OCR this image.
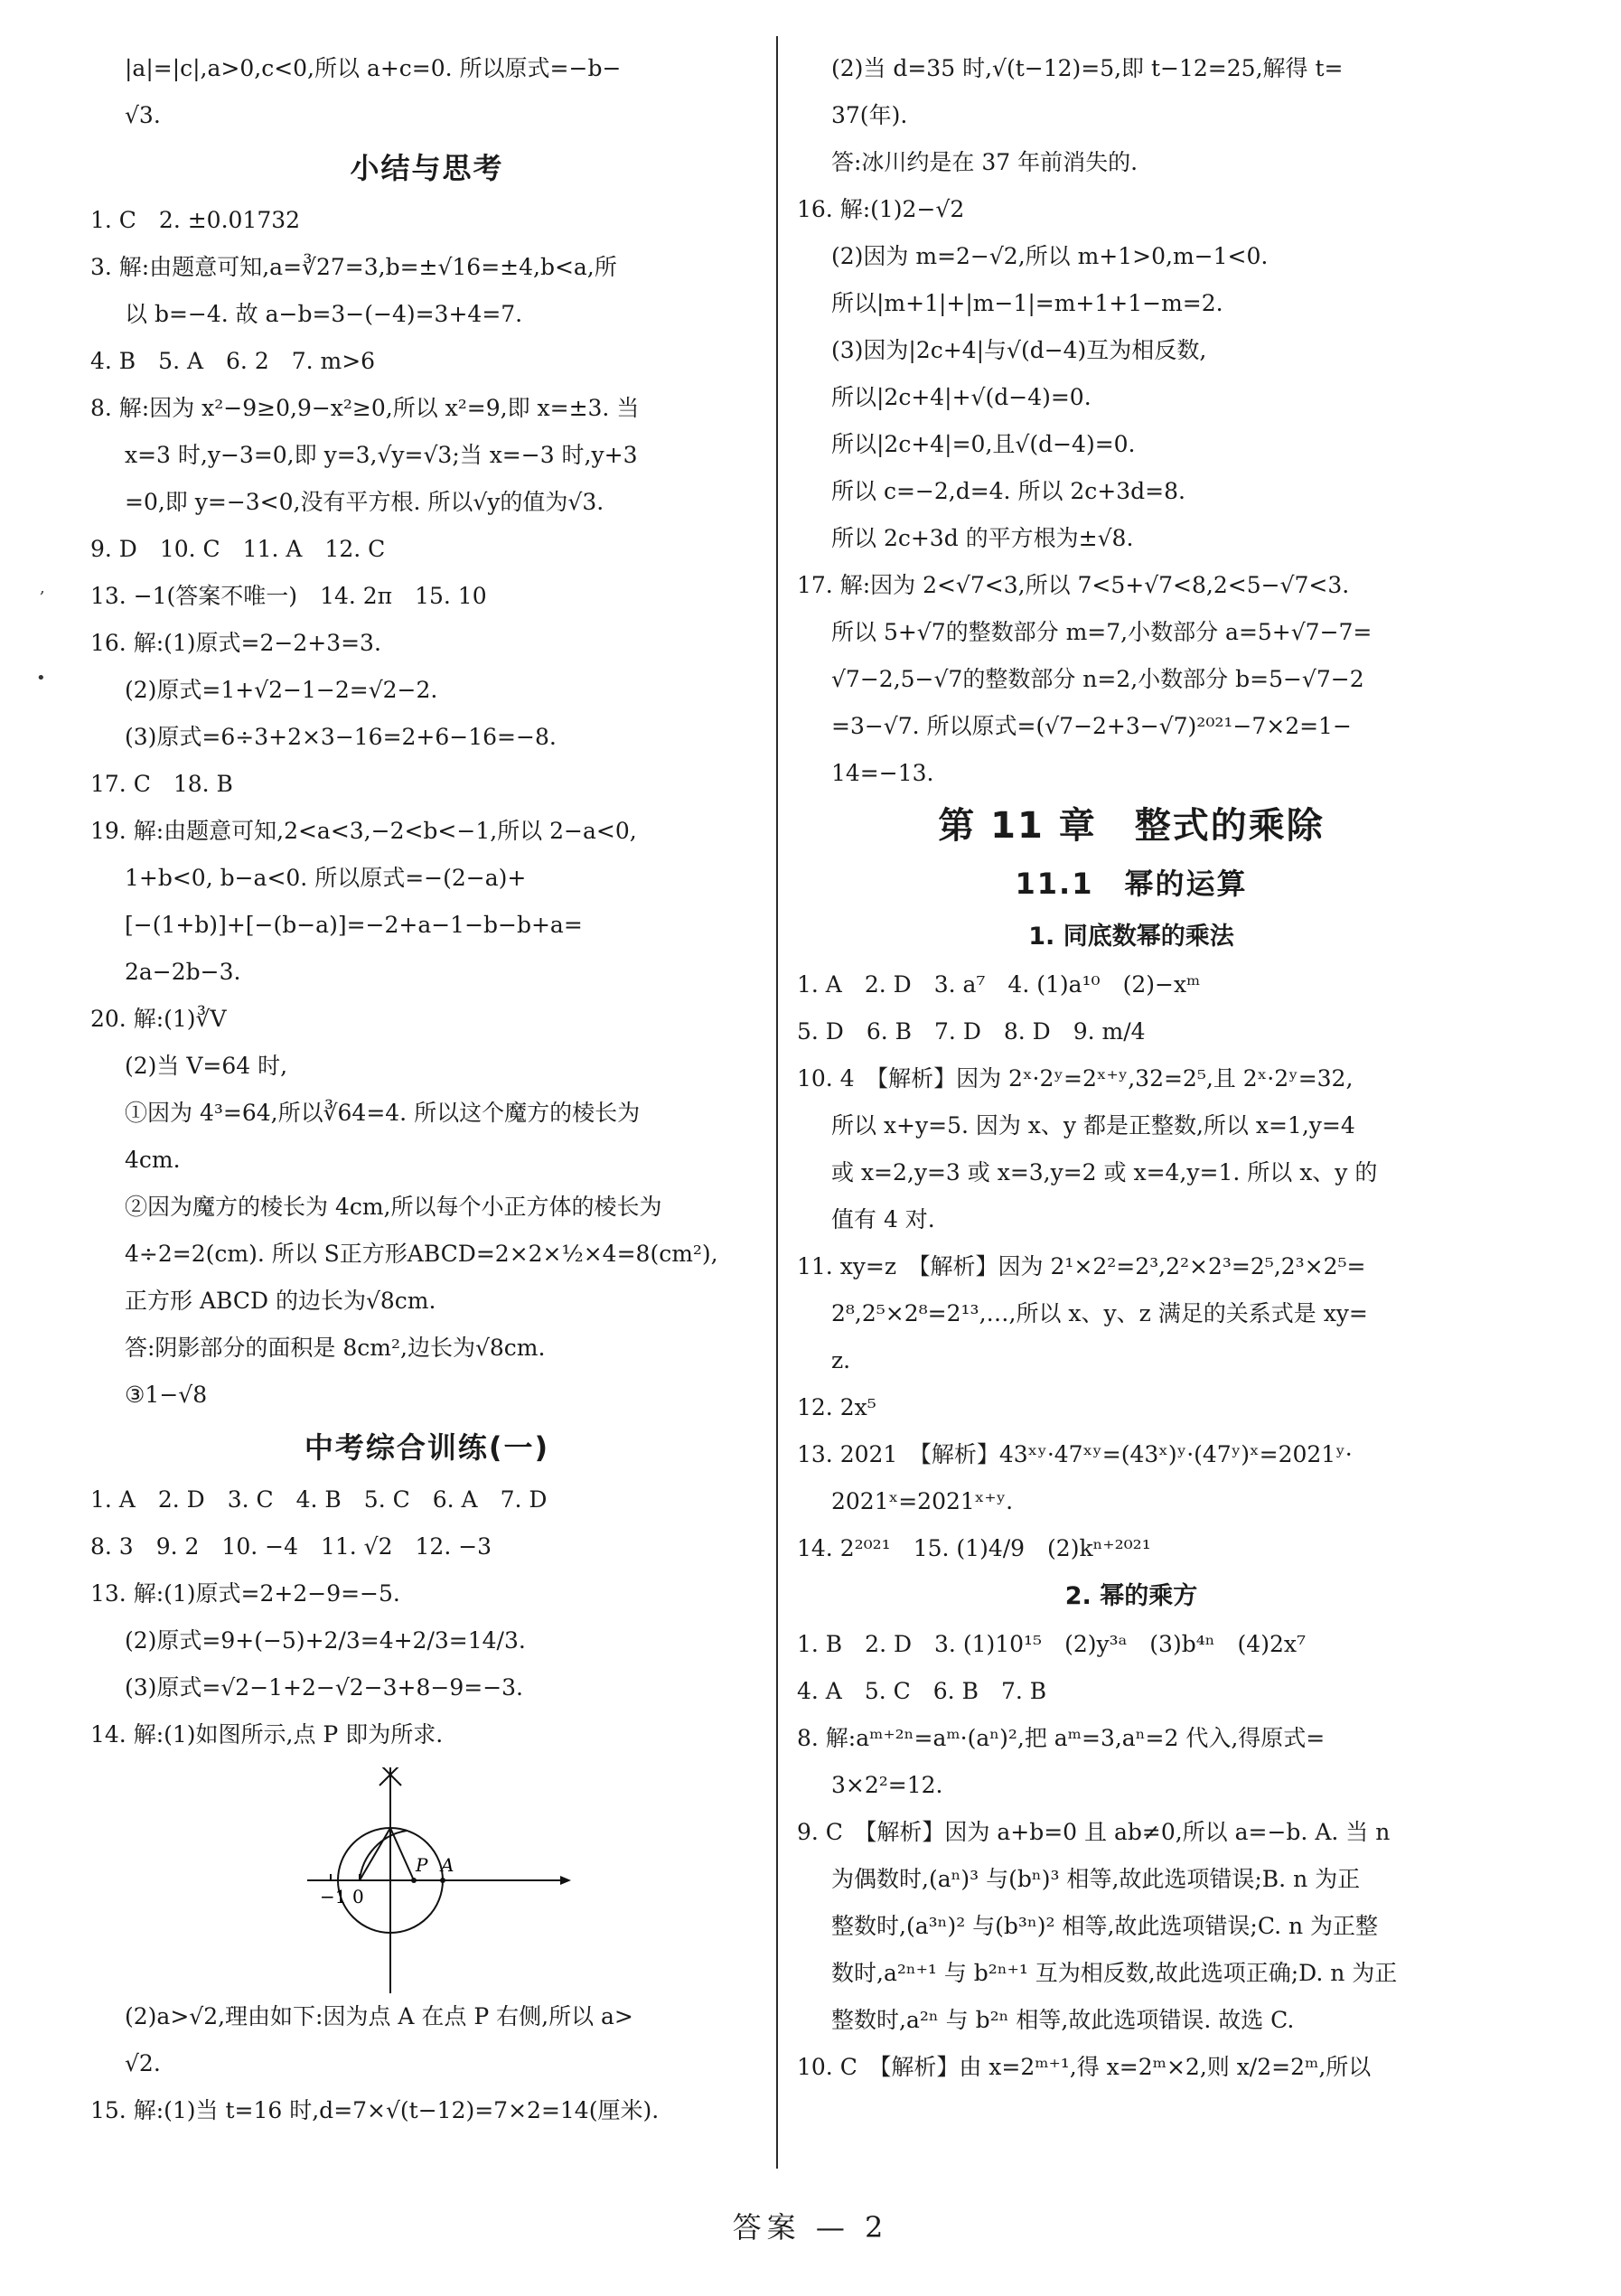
|a|=|c|,a>0,c<0,所以 a+c=0. 所以原式=−b−
√3.
小结与思考
1. C　2. ±0.01732
3. 解:由题意可知,a=∛27=3,b=±√16=±4,b<a,所
以 b=−4. 故 a−b=3−(−4)=3+4=7.
4. B　5. A　6. 2　7. m>6
8. 解:因为 x²−9≥0,9−x²≥0,所以 x²=9,即 x=±3. 当
x=3 时,y−3=0,即 y=3,√y=√3;当 x=−3 时,y+3
=0,即 y=−3<0,没有平方根. 所以√y的值为√3.
9. D　10. C　11. A　12. C
13. −1(答案不唯一)　14. 2π　15. 10
16. 解:(1)原式=2−2+3=3.
(2)原式=1+√2−1−2=√2−2.
(3)原式=6÷3+2×3−16=2+6−16=−8.
17. C　18. B
19. 解:由题意可知,2<a<3,−2<b<−1,所以 2−a<0,
1+b<0, b−a<0. 所以原式=−(2−a)+
[−(1+b)]+[−(b−a)]=−2+a−1−b−b+a=
2a−2b−3.
20. 解:(1)∛V
(2)当 V=64 时,
①因为 4³=64,所以∛64=4. 所以这个魔方的棱长为
4cm.
②因为魔方的棱长为 4cm,所以每个小正方体的棱长为
4÷2=2(cm). 所以 S正方形ABCD=2×2×½×4=8(cm²),
正方形 ABCD 的边长为√8cm.
答:阴影部分的面积是 8cm²,边长为√8cm.
③1−√8
中考综合训练(一)
1. A　2. D　3. C　4. B　5. C　6. A　7. D
8. 3　9. 2　10. −4　11. √2　12. −3
13. 解:(1)原式=2+2−9=−5.
(2)原式=9+(−5)+2/3=4+2/3=14/3.
(3)原式=√2−1+2−√2−3+8−9=−3.
14. 解:(1)如图所示,点 P 即为所求.
−1 0
P A
(2)a>√2,理由如下:因为点 A 在点 P 右侧,所以 a>
√2.
15. 解:(1)当 t=16 时,d=7×√(t−12)=7×2=14(厘米).
(2)当 d=35 时,√(t−12)=5,即 t−12=25,解得 t=
37(年).
答:冰川约是在 37 年前消失的.
16. 解:(1)2−√2
(2)因为 m=2−√2,所以 m+1>0,m−1<0.
所以|m+1|+|m−1|=m+1+1−m=2.
(3)因为|2c+4|与√(d−4)互为相反数,
所以|2c+4|+√(d−4)=0.
所以|2c+4|=0,且√(d−4)=0.
所以 c=−2,d=4. 所以 2c+3d=8.
所以 2c+3d 的平方根为±√8.
17. 解:因为 2<√7<3,所以 7<5+√7<8,2<5−√7<3.
所以 5+√7的整数部分 m=7,小数部分 a=5+√7−7=
√7−2,5−√7的整数部分 n=2,小数部分 b=5−√7−2
=3−√7. 所以原式=(√7−2+3−√7)²⁰²¹−7×2=1−
14=−13.
第 11 章　整式的乘除
11.1　幂的运算
1. 同底数幂的乘法
1. A　2. D　3. a⁷　4. (1)a¹⁰　(2)−xᵐ
5. D　6. B　7. D　8. D　9. m/4
10. 4　【解析】因为 2ˣ·2ʸ=2ˣ⁺ʸ,32=2⁵,且 2ˣ·2ʸ=32,
所以 x+y=5. 因为 x、y 都是正整数,所以 x=1,y=4
或 x=2,y=3 或 x=3,y=2 或 x=4,y=1. 所以 x、y 的
值有 4 对.
11. xy=z　【解析】因为 2¹×2²=2³,2²×2³=2⁵,2³×2⁵=
2⁸,2⁵×2⁸=2¹³,…,所以 x、y、z 满足的关系式是 xy=
z.
12. 2x⁵
13. 2021　【解析】43ˣʸ·47ˣʸ=(43ˣ)ʸ·(47ʸ)ˣ=2021ʸ·
2021ˣ=2021ˣ⁺ʸ.
14. 2²⁰²¹　15. (1)4/9　(2)kⁿ⁺²⁰²¹
2. 幂的乘方
1. B　2. D　3. (1)10¹⁵　(2)y³ᵃ　(3)b⁴ⁿ　(4)2x⁷
4. A　5. C　6. B　7. B
8. 解:aᵐ⁺²ⁿ=aᵐ·(aⁿ)²,把 aᵐ=3,aⁿ=2 代入,得原式=
3×2²=12.
9. C　【解析】因为 a+b=0 且 ab≠0,所以 a=−b. A. 当 n
为偶数时,(aⁿ)³ 与(bⁿ)³ 相等,故此选项错误;B. n 为正
整数时,(a³ⁿ)² 与(b³ⁿ)² 相等,故此选项错误;C. n 为正整
数时,a²ⁿ⁺¹ 与 b²ⁿ⁺¹ 互为相反数,故此选项正确;D. n 为正
整数时,a²ⁿ 与 b²ⁿ 相等,故此选项错误. 故选 C.
10. C　【解析】由 x=2ᵐ⁺¹,得 x=2ᵐ×2,则 x/2=2ᵐ,所以
,
•
答案 — 2
